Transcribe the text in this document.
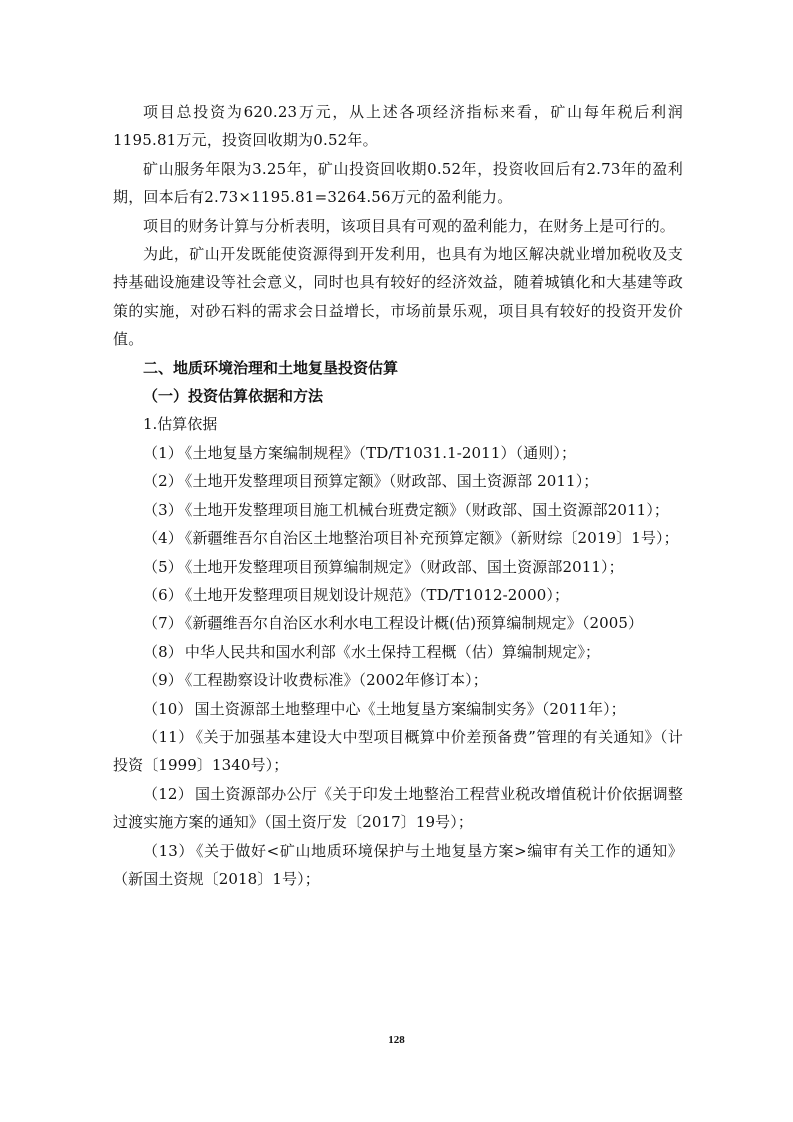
项目总投资为620.23万元，从上述各项经济指标来看，矿山每年税后利润1195.81万元，投资回收期为0.52年。

矿山服务年限为3.25年，矿山投资回收期0.52年，投资收回后有2.73年的盈利期，回本后有2.73×1195.81=3264.56万元的盈利能力。

项目的财务计算与分析表明，该项目具有可观的盈利能力，在财务上是可行的。

为此，矿山开发既能使资源得到开发利用，也具有为地区解决就业增加税收及支持基础设施建设等社会意义，同时也具有较好的经济效益，随着城镇化和大基建等政策的实施，对砂石料的需求会日益增长，市场前景乐观，项目具有较好的投资开发价值。

二、地质环境治理和土地复垦投资估算

（一）投资估算依据和方法

1.估算依据

（1） 《土地复垦方案编制规程》（TD/T1031.1-2011）（通则）；

（2） 《土地开发整理项目预算定额》（财政部、国土资源部 2011）；

（3） 《土地开发整理项目施工机械台班费定额》（财政部、国土资源部2011）；

（4） 《新疆维吾尔自治区土地整治项目补充预算定额》（新财综〔2019〕1号）；

（5） 《土地开发整理项目预算编制规定》（财政部、国土资源部2011）；

（6） 《土地开发整理项目规划设计规范》（TD/T1012-2000）；

（7） 《新疆维吾尔自治区水利水电工程设计概(估)预算编制规定》（2005）

（8） 中华人民共和国水利部《水土保持工程概（估）算编制规定》；

（9） 《工程勘察设计收费标准》（2002年修订本）；

（10） 国土资源部土地整理中心《土地复垦方案编制实务》（2011年）；

（11） 《关于加强基本建设大中型项目概算中价差预备费”管理的有关通知》（计投资〔1999〕1340号）；

（12） 国土资源部办公厅《关于印发土地整治工程营业税改增值税计价依据调整过渡实施方案的通知》（国土资厅发〔2017〕19号）；

（13） 《关于做好<矿山地质环境保护与土地复垦方案>编审有关工作的通知》（新国土资规〔2018〕1号）；

128
